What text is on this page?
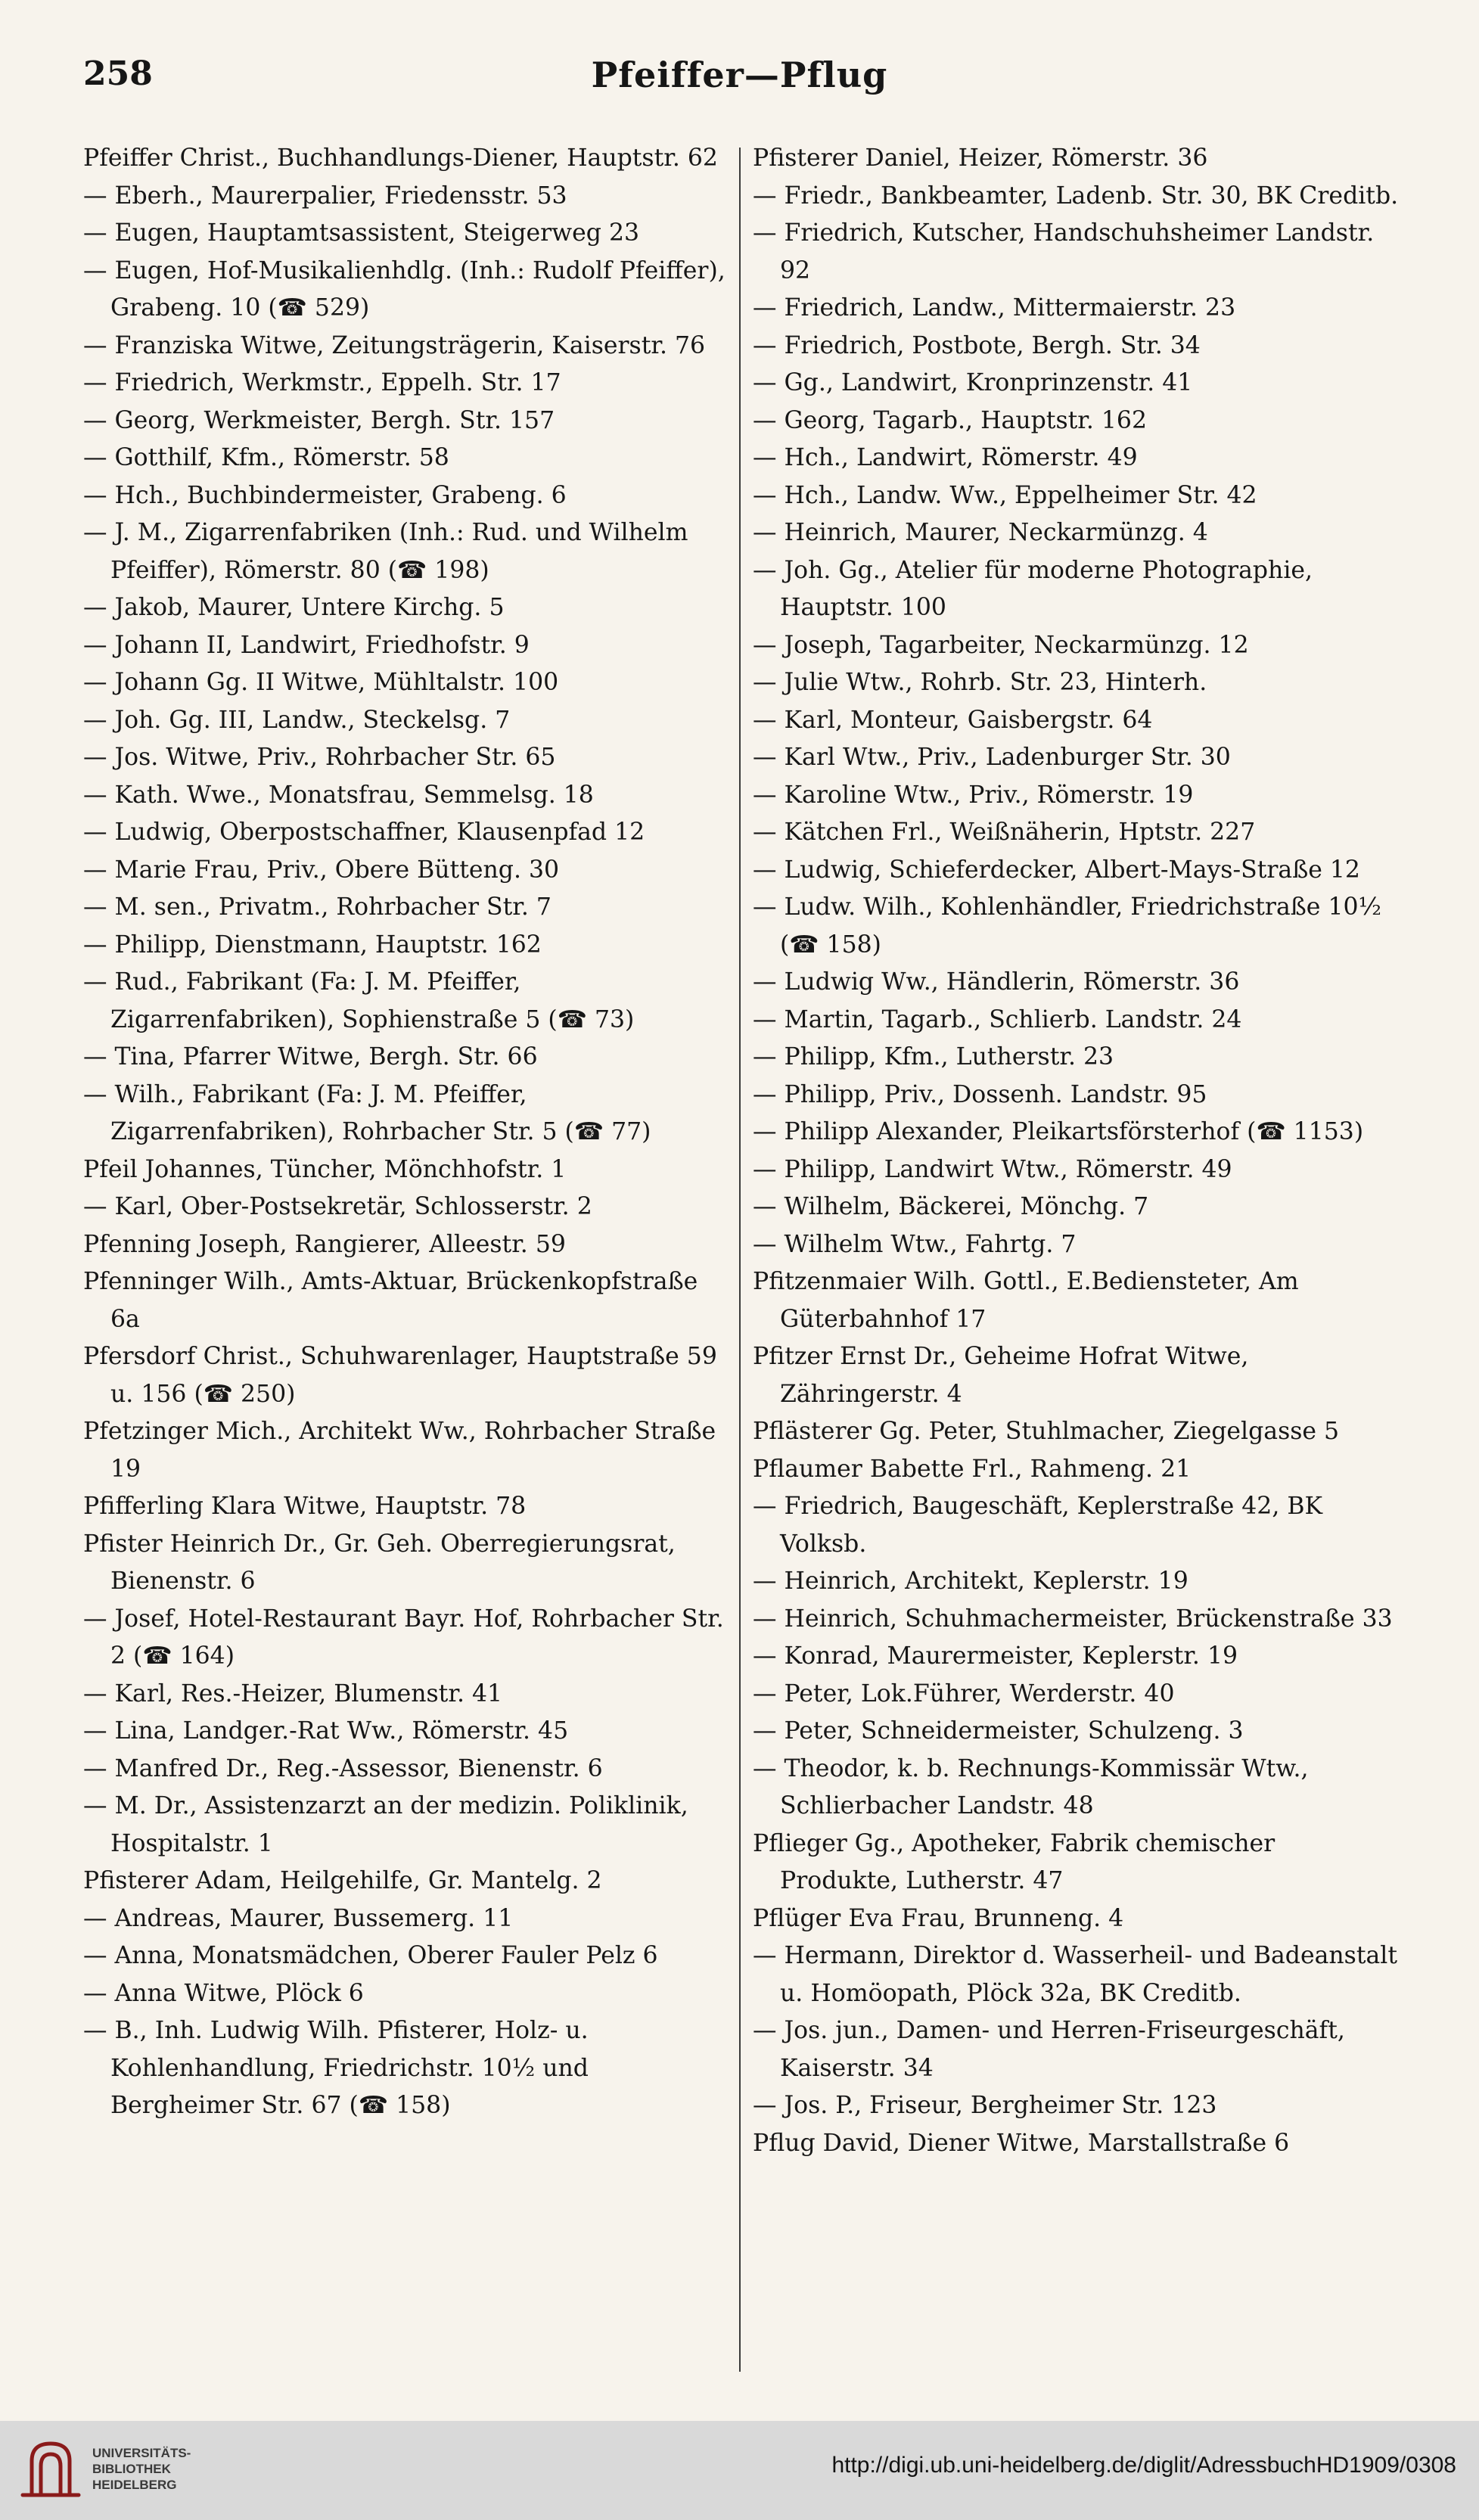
258	Pfeiffer—Pflug
Pfeiffer Christ., Buchhandlungs-Diener, Hauptstr. 62
— Eberh., Maurerpalier, Friedensstr. 53
— Eugen, Hauptamtsassistent, Steigerweg 23
— Eugen, Hof-Musikalienhdlg. (Inh.: Rudolf Pfeiffer), Grabeng. 10 (☎ 529)
— Franziska Witwe, Zeitungsträgerin, Kaiserstr. 76
— Friedrich, Werkmstr., Eppelh. Str. 17
— Georg, Werkmeister, Bergh. Str. 157
— Gotthilf, Kfm., Römerstr. 58
— Hch., Buchbindermeister, Grabeng. 6
— J. M., Zigarrenfabriken (Inh.: Rud. und Wilhelm Pfeiffer), Römerstr. 80 (☎ 198)
— Jakob, Maurer, Untere Kirchg. 5
— Johann II, Landwirt, Friedhofstr. 9
— Johann Gg. II Witwe, Mühltalstr. 100
— Joh. Gg. III, Landw., Steckelsg. 7
— Jos. Witwe, Priv., Rohrbacher Str. 65
— Kath. Wwe., Monatsfrau, Semmelsg. 18
— Ludwig, Oberpostschaffner, Klausenpfad 12
— Marie Frau, Priv., Obere Bütteng. 30
— M. sen., Privatm., Rohrbacher Str. 7
— Philipp, Dienstmann, Hauptstr. 162
— Rud., Fabrikant (Fa: J. M. Pfeiffer, Zigarrenfabriken), Sophienstraße 5 (☎ 73)
— Tina, Pfarrer Witwe, Bergh. Str. 66
— Wilh., Fabrikant (Fa: J. M. Pfeiffer, Zigarrenfabriken), Rohrbacher Str. 5 (☎ 77)
Pfeil Johannes, Tüncher, Mönchhofstr. 1
— Karl, Ober-Postsekretär, Schlosserstr. 2
Pfenning Joseph, Rangierer, Alleestr. 59
Pfenninger Wilh., Amts-Aktuar, Brückenkopfstraße 6a
Pfersdorf Christ., Schuhwarenlager, Hauptstraße 59 u. 156 (☎ 250)
Pfetzinger Mich., Architekt Ww., Rohrbacher Straße 19
Pfifferling Klara Witwe, Hauptstr. 78
Pfister Heinrich Dr., Gr. Geh. Oberregierungsrat, Bienenstr. 6
— Josef, Hotel-Restaurant Bayr. Hof, Rohrbacher Str. 2 (☎ 164)
— Karl, Res.-Heizer, Blumenstr. 41
— Lina, Landger.-Rat Ww., Römerstr. 45
— Manfred Dr., Reg.-Assessor, Bienenstr. 6
— M. Dr., Assistenzarzt an der medizin. Poliklinik, Hospitalstr. 1
Pfisterer Adam, Heilgehilfe, Gr. Mantelg. 2
— Andreas, Maurer, Bussemerg. 11
— Anna, Monatsmädchen, Oberer Fauler Pelz 6
— Anna Witwe, Plöck 6
— B., Inh. Ludwig Wilh. Pfisterer, Holz- u. Kohlenhandlung, Friedrichstr. 10½ und Bergheimer Str. 67 (☎ 158)
Pfisterer Daniel, Heizer, Römerstr. 36
— Friedr., Bankbeamter, Ladenb. Str. 30, BK Creditb.
— Friedrich, Kutscher, Handschuhsheimer Landstr. 92
— Friedrich, Landw., Mittermaierstr. 23
— Friedrich, Postbote, Bergh. Str. 34
— Gg., Landwirt, Kronprinzenstr. 41
— Georg, Tagarb., Hauptstr. 162
— Hch., Landwirt, Römerstr. 49
— Hch., Landw. Ww., Eppelheimer Str. 42
— Heinrich, Maurer, Neckarmünzg. 4
— Joh. Gg., Atelier für moderne Photographie, Hauptstr. 100
— Joseph, Tagarbeiter, Neckarmünzg. 12
— Julie Wtw., Rohrb. Str. 23, Hinterh.
— Karl, Monteur, Gaisbergstr. 64
— Karl Wtw., Priv., Ladenburger Str. 30
— Karoline Wtw., Priv., Römerstr. 19
— Kätchen Frl., Weißnäherin, Hptstr. 227
— Ludwig, Schieferdecker, Albert-Mays-Straße 12
— Ludw. Wilh., Kohlenhändler, Friedrichstraße 10½ (☎ 158)
— Ludwig Ww., Händlerin, Römerstr. 36
— Martin, Tagarb., Schlierb. Landstr. 24
— Philipp, Kfm., Lutherstr. 23
— Philipp, Priv., Dossenh. Landstr. 95
— Philipp Alexander, Pleikartsförsterhof (☎ 1153)
— Philipp, Landwirt Wtw., Römerstr. 49
— Wilhelm, Bäckerei, Mönchg. 7
— Wilhelm Wtw., Fahrtg. 7
Pfitzenmaier Wilh. Gottl., E.Bediensteter, Am Güterbahnhof 17
Pfitzer Ernst Dr., Geheime Hofrat Witwe, Zähringerstr. 4
Pflästerer Gg. Peter, Stuhlmacher, Ziegelgasse 5
Pflaumer Babette Frl., Rahmeng. 21
— Friedrich, Baugeschäft, Keplerstraße 42, BK Volksb.
— Heinrich, Architekt, Keplerstr. 19
— Heinrich, Schuhmachermeister, Brückenstraße 33
— Konrad, Maurermeister, Keplerstr. 19
— Peter, Lok.Führer, Werderstr. 40
— Peter, Schneidermeister, Schulzeng. 3
— Theodor, k. b. Rechnungs-Kommissär Wtw., Schlierbacher Landstr. 48
Pflieger Gg., Apotheker, Fabrik chemischer Produkte, Lutherstr. 47
Pflüger Eva Frau, Brunneng. 4
— Hermann, Direktor d. Wasserheil- und Badeanstalt u. Homöopath, Plöck 32a, BK Creditb.
— Jos. jun., Damen- und Herren-Friseurgeschäft, Kaiserstr. 34
— Jos. P., Friseur, Bergheimer Str. 123
Pflug David, Diener Witwe, Marstallstraße 6
UNIVERSITÄTS-
BIBLIOTHEK
HEIDELBERG
http://digi.ub.uni-heidelberg.de/diglit/AdressbuchHD1909/0308
